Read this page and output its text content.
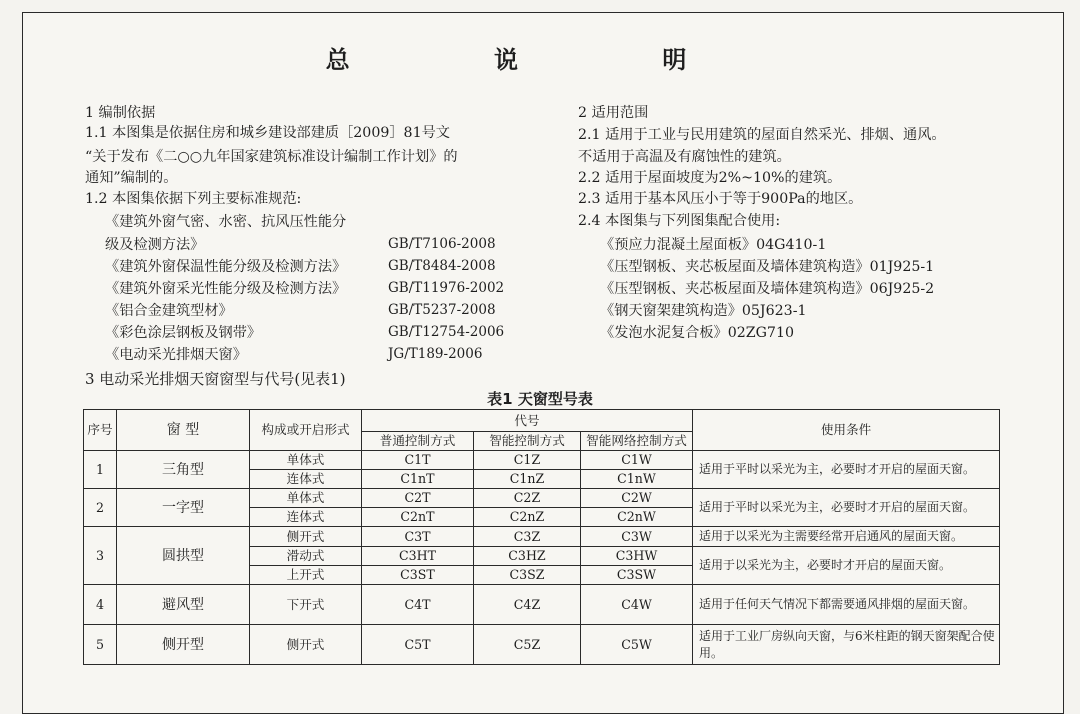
总 说 明
1 编制依据
1.1 本图集是依据住房和城乡建设部建质［2009］81号文
“关于发布《二○○九年国家建筑标准设计编制工作计划》的
通知”编制的。
1.2 本图集依据下列主要标准规范:
《建筑外窗气密、水密、抗风压性能分
级及检测方法》	GB/T7106-2008
《建筑外窗保温性能分级及检测方法》	GB/T8484-2008
《建筑外窗采光性能分级及检测方法》	GB/T11976-2002
《铝合金建筑型材》	GB/T5237-2008
《彩色涂层钢板及钢带》	GB/T12754-2006
《电动采光排烟天窗》	JG/T189-2006
3 电动采光排烟天窗窗型与代号(见表1)
2 适用范围
2.1 适用于工业与民用建筑的屋面自然采光、排烟、通风。
不适用于高温及有腐蚀性的建筑。
2.2 适用于屋面坡度为2%~10%的建筑。
2.3 适用于基本风压小于等于900Pa的地区。
2.4 本图集与下列图集配合使用:
《预应力混凝土屋面板》04G410-1
《压型钢板、夹芯板屋面及墙体建筑构造》01J925-1
《压型钢板、夹芯板屋面及墙体建筑构造》06J925-2
《钢天窗架建筑构造》05J623-1
《发泡水泥复合板》02ZG710
表1 天窗型号表
序号	窗 型	构成或开启形式	代号			使用条件
			普通控制方式	智能控制方式	智能网络控制方式	
1	三角型	单体式	C1T	C1Z	C1W	适用于平时以采光为主，必要时才开启的屋面天窗。
		连体式	C1nT	C1nZ	C1nW	
2	一字型	单体式	C2T	C2Z	C2W	适用于平时以采光为主，必要时才开启的屋面天窗。
		连体式	C2nT	C2nZ	C2nW	
3	圆拱型	侧开式	C3T	C3Z	C3W	适用于以采光为主需要经常开启通风的屋面天窗。
		滑动式	C3HT	C3HZ	C3HW	适用于以采光为主，必要时才开启的屋面天窗。
		上开式	C3ST	C3SZ	C3SW	
4	避风型	下开式	C4T	C4Z	C4W	适用于任何天气情况下都需要通风排烟的屋面天窗。
5	侧开型	侧开式	C5T	C5Z	C5W	适用于工业厂房纵向天窗，与6米柱距的钢天窗架配合使用。
